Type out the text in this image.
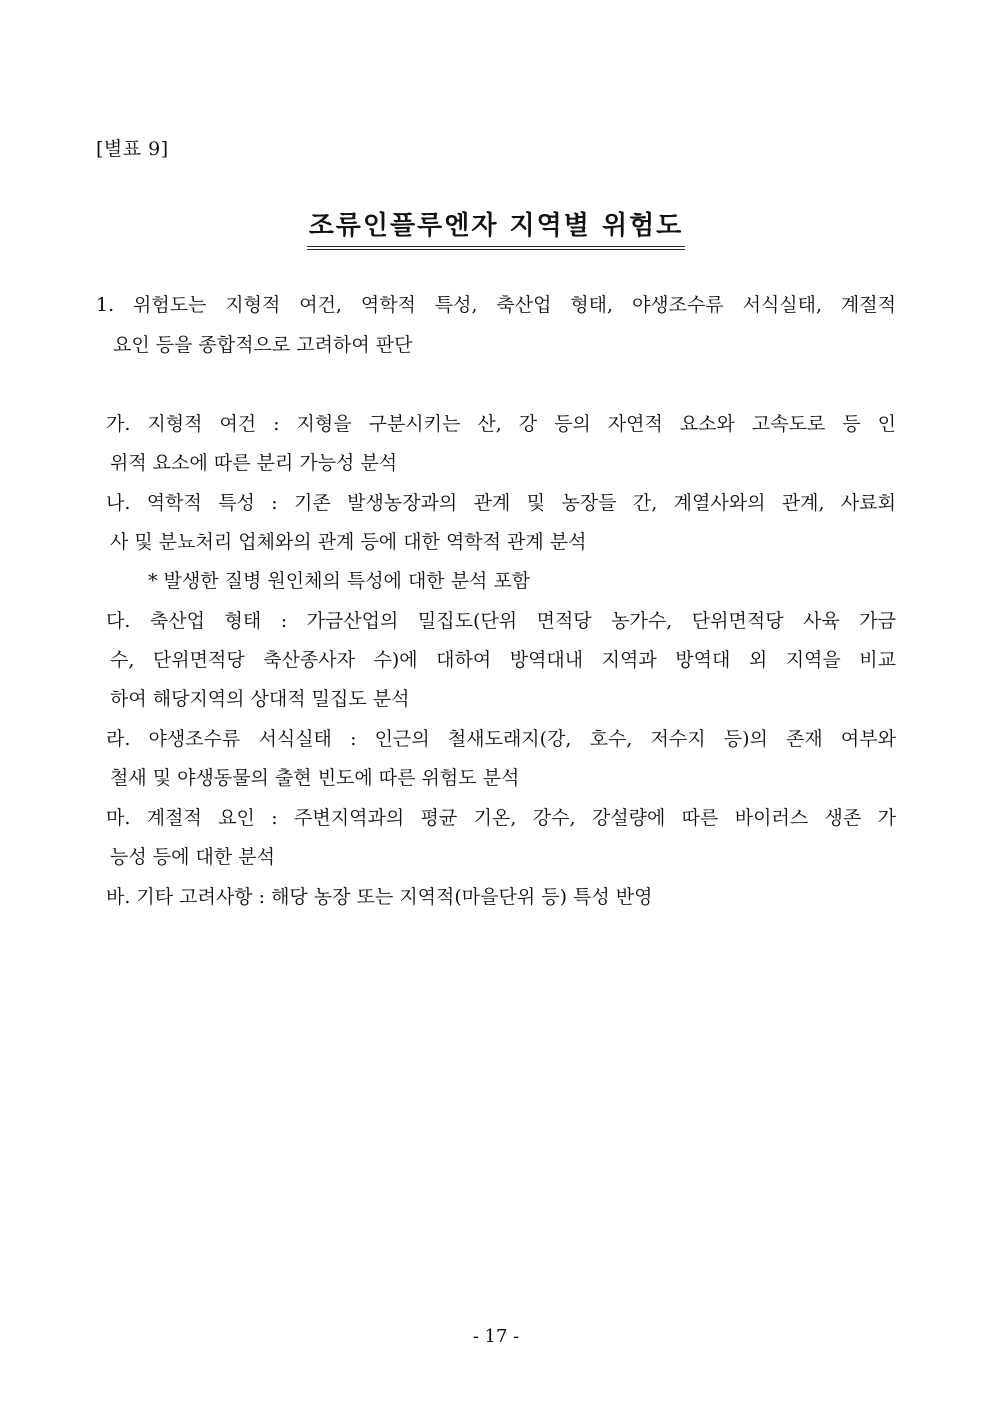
[별표 9]
조류인플루엔자 지역별 위험도
1. 위험도는 지형적 여건, 역학적 특성, 축산업 형태, 야생조수류 서식실태, 계절적
요인 등을 종합적으로 고려하여 판단
가. 지형적 여건 : 지형을 구분시키는 산, 강 등의 자연적 요소와 고속도로 등 인
위적 요소에 따른 분리 가능성 분석
나. 역학적 특성 : 기존 발생농장과의 관계 및 농장들 간, 계열사와의 관계, 사료회
사 및 분뇨처리 업체와의 관계 등에 대한 역학적 관계 분석
* 발생한 질병 원인체의 특성에 대한 분석 포함
다. 축산업 형태 : 가금산업의 밀집도(단위 면적당 농가수, 단위면적당 사육 가금
수, 단위면적당 축산종사자 수)에 대하여 방역대내 지역과 방역대 외 지역을 비교
하여 해당지역의 상대적 밀집도 분석
라. 야생조수류 서식실태 : 인근의 철새도래지(강, 호수, 저수지 등)의 존재 여부와
철새 및 야생동물의 출현 빈도에 따른 위험도 분석
마. 계절적 요인 : 주변지역과의 평균 기온, 강수, 강설량에 따른 바이러스 생존 가
능성 등에 대한 분석
바. 기타 고려사항 : 해당 농장 또는 지역적(마을단위 등) 특성 반영
- 17 -
